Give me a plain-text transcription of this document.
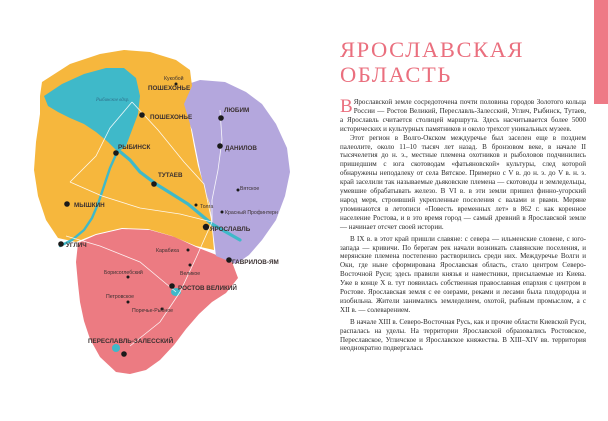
ПОШЕХОНЬЕ
ЛЮБИМ
ДАНИЛОВ
РЫБИНСК
ПОШЕХОНЬЕ
ТУТАЕВ
МЫШКИН
ЯРОСЛАВЛЬ
УГЛИЧ
ГАВРИЛОВ-ЯМ
РОСТОВ ВЕЛИКИЙ
ПЕРЕСЛАВЛЬ-ЗАЛЕССКИЙ
Кукобой
Вятское
Толга
Красный Профинтерн
Карабиха
Великое
Борисоглебский
Поречье-Рыбное
Петровское
Рыбинское вдхр.
ЯРОСЛАВСКАЯ
ОБЛАСТЬ

В Ярославской земле сосредоточена почти половина городов Золотого кольца России — Ростов Великий, Переславль-Залесский, Углич, Рыбинск, Тутаев, а Ярославль считается столицей маршрута. Здесь насчитывается более 5000 исторических и культурных памятников и около трехсот уникальных музеев.

Этот регион в Волго-Окском междуречье был заселен еще в позднем палеолите, около 11–10 тысяч лет назад. В бронзовом веке, в начале II тысячелетия до н. э., местные племена охотников и рыболовов подчинились пришедшим с юга скотоводам «фатьяновской» культуры, след которой обнаружены неподалеку от села Вятское. Примерно с V в. до н. э. до V в. н. э. край заселили так называемые дьяковские племена — скотоводы и земледельцы, умевшие обрабатывать железо. В VI в. в эти земли пришел финно-угорский народ меря, строивший укрепленные поселения с валами и рвами. Меряне упоминаются в летописи «Повесть временных лет» в 862 г. как коренное население Ростова, и в это время город — самый древний в Ярославской земле — начинает отсчет своей истории.

В IX в. в этот край пришли славяне: с севера — ильменские словене, с юго-запада — кривичи. По берегам рек начали возникать славянские поселения, и мерянские племена постепенно растворились среди них. Междуречье Волги и Оки, где ныне сформирована Ярославская область, стало центром Северо-Восточной Руси; здесь правили князья и наместники, присылаемые из Киева. Уже в конце X в. тут появилась собственная православная епархия с центром в Ростове. Ярославская земля с ее озерами, реками и лесами была плодородна и изобильна. Жители занимались земледелием, охотой, рыбным промыслом, а с XII в. — солеварением.

В начале XIII в. Северо-Восточная Русь, как и прочие области Киевской Руси, распалась на уделы. На территории Ярославской образовались Ростовское, Переславское, Угличское и Ярославское княжества. В XIII–XIV вв. территория неоднократно подвергалась
